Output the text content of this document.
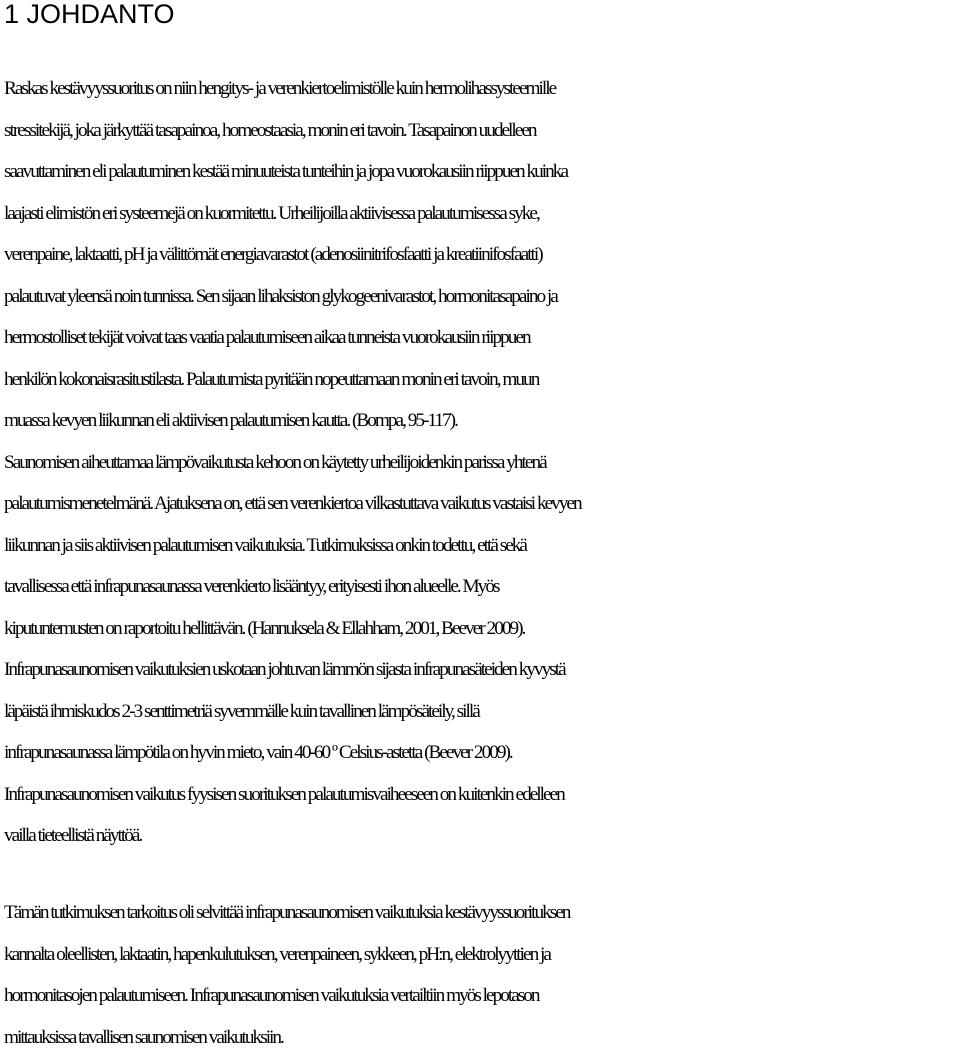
1 JOHDANTO
Raskas kestävyyssuoritus on niin hengitys- ja verenkiertoelimistölle kuin hermolihassysteemille
stressitekijä, joka järkyttää tasapainoa, homeostaasia, monin eri tavoin. Tasapainon uudelleen
saavuttaminen eli palautuminen kestää minuuteista tunteihin ja jopa vuorokausiin riippuen kuinka
laajasti elimistön eri systeemejä on kuormitettu. Urheilijoilla aktiivisessa palautumisessa syke,
verenpaine, laktaatti, pH ja välittömät energiavarastot (adenosiinitrifosfaatti ja kreatiinifosfaatti)
palautuvat yleensä noin tunnissa. Sen sijaan lihaksiston glykogeenivarastot, hormonitasapaino ja
hermostolliset tekijät voivat taas vaatia palautumiseen aikaa tunneista vuorokausiin riippuen
henkilön kokonaisrasitustilasta. Palautumista pyritään nopeuttamaan monin eri tavoin, muun
muassa kevyen liikunnan eli aktiivisen palautumisen kautta. (Bompa, 95-117).
Saunomisen aiheuttamaa lämpövaikutusta kehoon on käytetty urheilijoidenkin parissa yhtenä
palautumismenetelmänä. Ajatuksena on, että sen verenkiertoa vilkastuttava vaikutus vastaisi kevyen
liikunnan ja siis aktiivisen palautumisen vaikutuksia. Tutkimuksissa onkin todettu, että sekä
tavallisessa että infrapunasaunassa verenkierto lisääntyy, erityisesti ihon alueelle. Myös
kiputuntemusten on raportoitu hellittävän. (Hannuksela & Ellahham, 2001, Beever 2009).
Infrapunasaunomisen vaikutuksien uskotaan johtuvan lämmön sijasta infrapunasäteiden kyvystä
läpäistä ihmiskudos 2-3 senttimetriä syvemmälle kuin tavallinen lämpösäteily, sillä
infrapunasaunassa lämpötila on hyvin mieto, vain 40-60 º Celsius-astetta (Beever 2009).
Infrapunasaunomisen vaikutus fyysisen suorituksen palautumisvaiheeseen on kuitenkin edelleen
vailla tieteellistä näyttöä.
Tämän tutkimuksen tarkoitus oli selvittää infrapunasaunomisen vaikutuksia kestävyyssuorituksen
kannalta oleellisten, laktaatin, hapenkulutuksen, verenpaineen, sykkeen, pH:n, elektrolyyttien ja
hormonitasojen palautumiseen. Infrapunasaunomisen vaikutuksia vertailtiin myös lepotason
mittauksissa tavallisen saunomisen vaikutuksiin.
